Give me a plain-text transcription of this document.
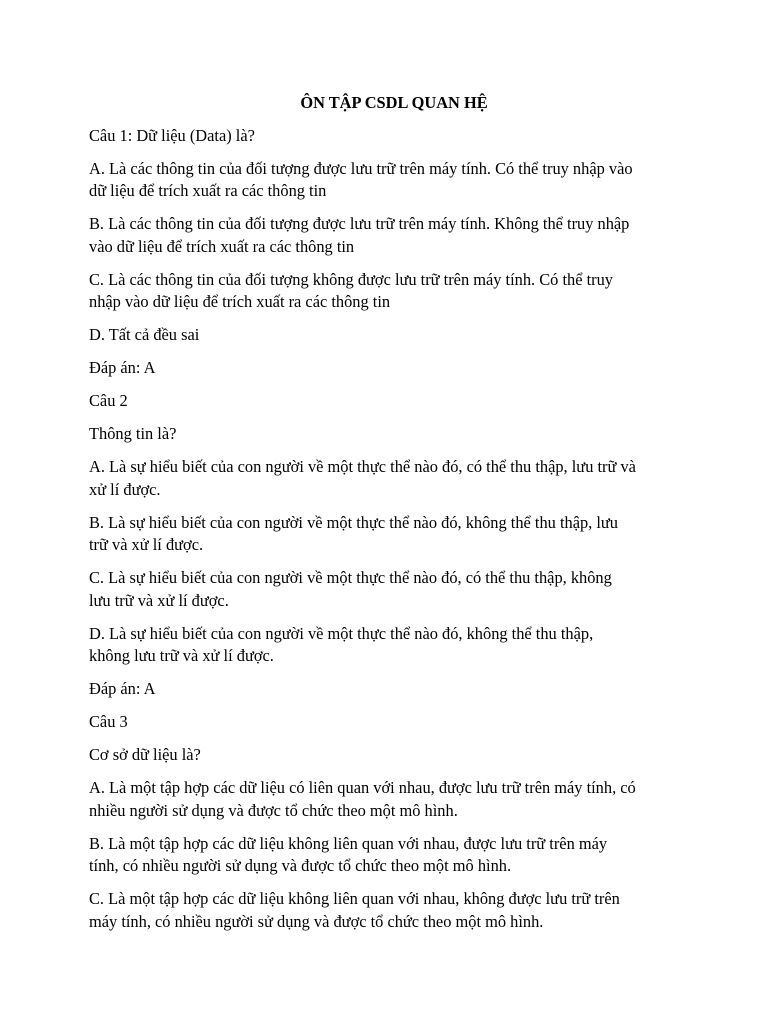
ÔN TẬP CSDL QUAN HỆ
Câu 1: Dữ liệu (Data) là?
A. Là các thông tin của đối tượng được lưu trữ trên máy tính. Có thể truy nhập vào
dữ liệu để trích xuất ra các thông tin
B. Là các thông tin của đối tượng được lưu trữ trên máy tính. Không thể truy nhập
vào dữ liệu để trích xuất ra các thông tin
C. Là các thông tin của đối tượng không được lưu trữ trên máy tính. Có thể truy
nhập vào dữ liệu để trích xuất ra các thông tin
D. Tất cả đều sai
Đáp án: A
Câu 2
Thông tin là?
A. Là sự hiểu biết của con người về một thực thể nào đó, có thể thu thập, lưu trữ và
xử lí được.
B. Là sự hiểu biết của con người về một thực thể nào đó, không thể thu thập, lưu
trữ và xử lí được.
C. Là sự hiểu biết của con người về một thực thể nào đó, có thể thu thập, không
lưu trữ và xử lí được.
D. Là sự hiểu biết của con người về một thực thể nào đó, không thể thu thập,
không lưu trữ và xử lí được.
Đáp án: A
Câu 3
Cơ sở dữ liệu là?
A. Là một tập hợp các dữ liệu có liên quan với nhau, được lưu trữ trên máy tính, có
nhiều người sử dụng và được tổ chức theo một mô hình.
B. Là một tập hợp các dữ liệu không liên quan với nhau, được lưu trữ trên máy
tính, có nhiều người sử dụng và được tổ chức theo một mô hình.
C. Là một tập hợp các dữ liệu không liên quan với nhau, không được lưu trữ trên
máy tính, có nhiều người sử dụng và được tổ chức theo một mô hình.
